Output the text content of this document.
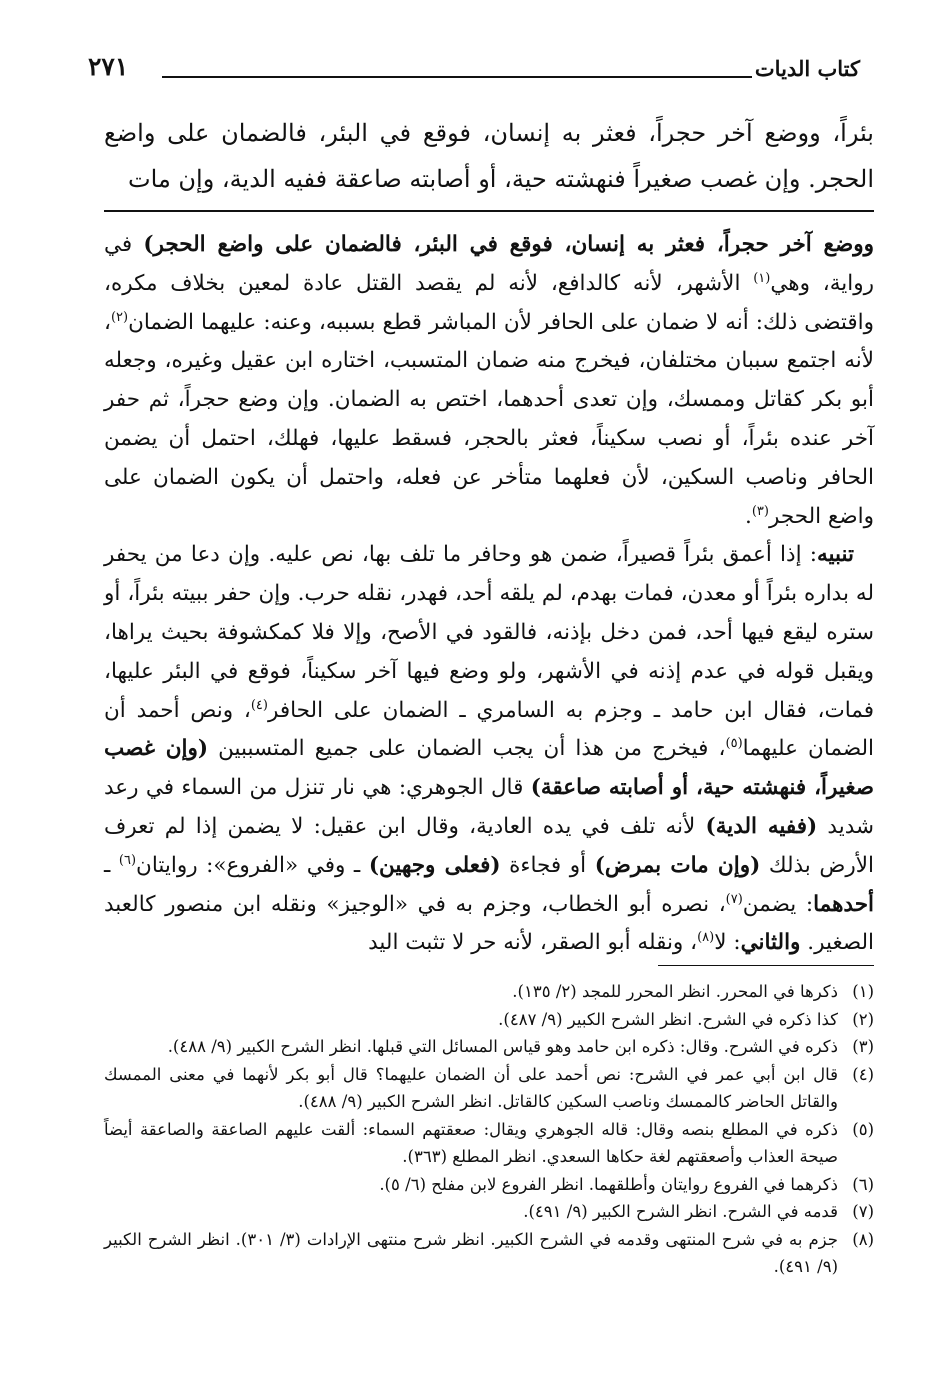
كتاب الديات
٢٧١

بئراً، ووضع آخر حجراً، فعثر به إنسان، فوقع في البئر، فالضمان على واضع الحجر. وإن غصب صغيراً فنهشته حية، أو أصابته صاعقة ففيه الدية، وإن مات

ووضع آخر حجراً، فعثر به إنسان، فوقع في البئر، فالضمان على واضع الحجر) في رواية، وهي$^{(١)}$ الأشهر، لأنه كالدافع، لأنه لم يقصد القتل عادة لمعين بخلاف مكره، واقتضى ذلك: أنه لا ضمان على الحافر لأن المباشر قطع بسببه، وعنه: عليهما الضمان$^{(٢)}$، لأنه اجتمع سببان مختلفان، فيخرج منه ضمان المتسبب، اختاره ابن عقيل وغيره، وجعله أبو بكر كقاتل وممسك، وإن تعدى أحدهما، اختص به الضمان. وإن وضع حجراً، ثم حفر آخر عنده بئراً، أو نصب سكيناً، فعثر بالحجر، فسقط عليها، فهلك، احتمل أن يضمن الحافر وناصب السكين، لأن فعلهما متأخر عن فعله، واحتمل أن يكون الضمان على واضع الحجر$^{(٣)}$.

تنبيه: إذا أعمق بئراً قصيراً، ضمن هو وحافر ما تلف بها، نص عليه. وإن دعا من يحفر له بداره بئراً أو معدن، فمات بهدم، لم يلقه أحد، فهدر، نقله حرب. وإن حفر ببيته بئراً، أو ستره ليقع فيها أحد، فمن دخل بإذنه، فالقود في الأصح، وإلا فلا كمكشوفة بحيث يراها، ويقبل قوله في عدم إذنه في الأشهر، ولو وضع فيها آخر سكيناً، فوقع في البئر عليها، فمات، فقال ابن حامد ـ وجزم به السامري ـ الضمان على الحافر$^{(٤)}$، ونص أحمد أن الضمان عليهما$^{(٥)}$، فيخرج من هذا أن يجب الضمان على جميع المتسببين (وإن غصب صغيراً، فنهشته حية، أو أصابته صاعقة) قال الجوهري: هي نار تنزل من السماء في رعد شديد (ففيه الدية) لأنه تلف في يده العادية، وقال ابن عقيل: لا يضمن إذا لم تعرف الأرض بذلك (وإن مات بمرض) أو فجاءة (فعلى وجهين) ـ وفي «الفروع»: روايتان$^{(٦)}$ ـ أحدهما: يضمن$^{(٧)}$، نصره أبو الخطاب، وجزم به في «الوجيز» ونقله ابن منصور كالعبد الصغير. والثاني: لا$^{(٨)}$، ونقله أبو الصقر، لأنه حر لا تثبت اليد

(١)
ذكرها في المحرر. انظر المحرر للمجد (٢/ ١٣٥).
(٢)
كذا ذكره في الشرح. انظر الشرح الكبير (٩/ ٤٨٧).
(٣)
ذكره في الشرح. وقال: ذكره ابن حامد وهو قياس المسائل التي قبلها. انظر الشرح الكبير (٩/ ٤٨٨).
(٤)
قال ابن أبي عمر في الشرح: نص أحمد على أن الضمان عليهما؟ قال أبو بكر لأنهما في معنى الممسك والقاتل الحاضر كالممسك وناصب السكين كالقاتل. انظر الشرح الكبير (٩/ ٤٨٨).
(٥)
ذكره في المطلع بنصه وقال: قاله الجوهري ويقال: صعقتهم السماء: ألقت عليهم الصاعقة والصاعقة أيضاً صيحة العذاب وأصعقتهم لغة حكاها السعدي. انظر المطلع (٣٦٣).
(٦)
ذكرهما في الفروع روايتان وأطلقهما. انظر الفروع لابن مفلح (٦/ ٥).
(٧)
قدمه في الشرح. انظر الشرح الكبير (٩/ ٤٩١).
(٨)
جزم به في شرح المنتهى وقدمه في الشرح الكبير. انظر شرح منتهى الإرادات (٣/ ٣٠١). انظر الشرح الكبير (٩/ ٤٩١).
